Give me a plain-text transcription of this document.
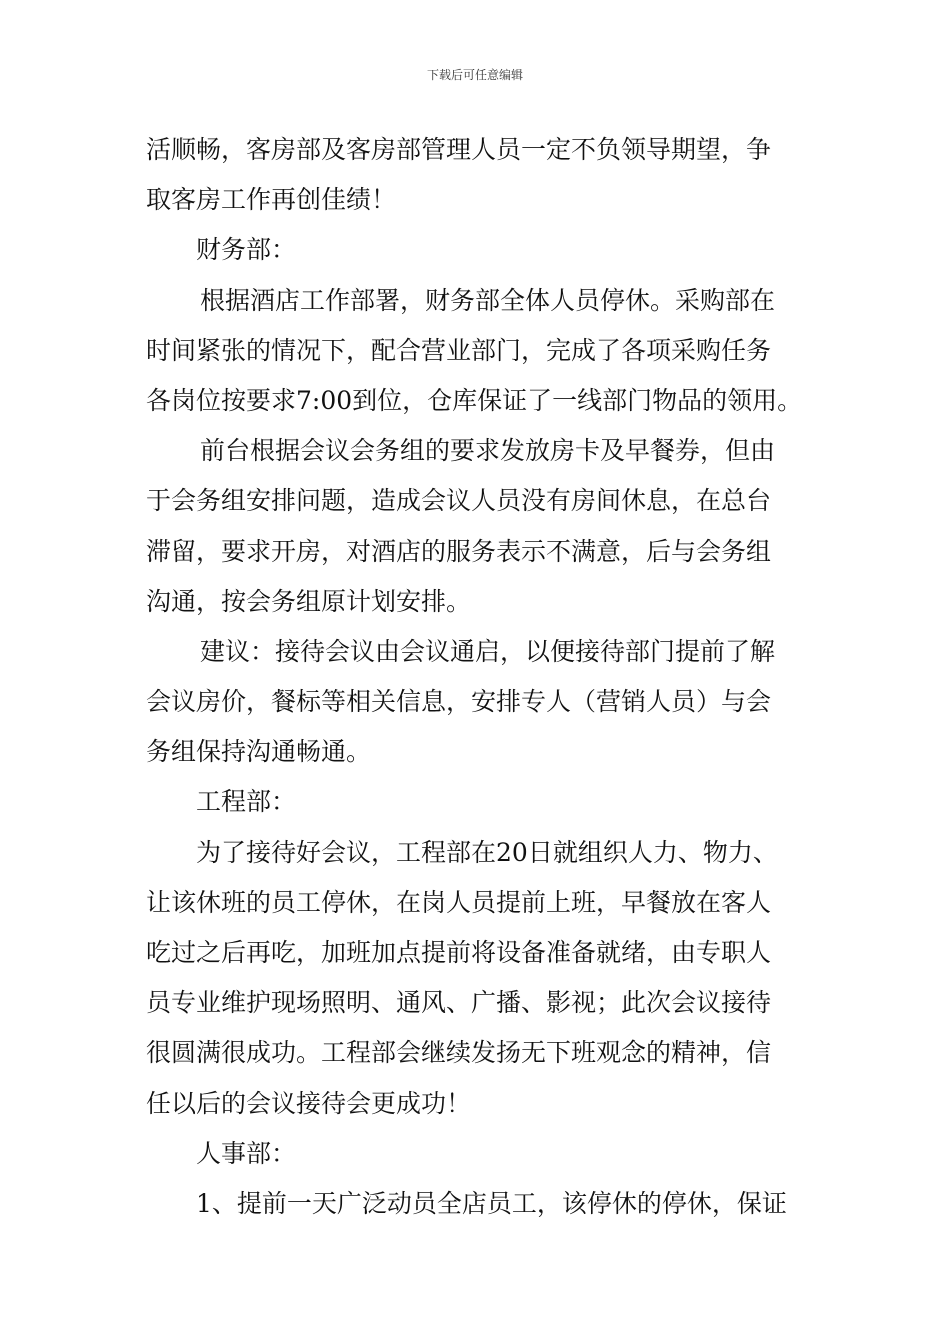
下载后可任意编辑
活顺畅，客房部及客房部管理人员一定不负领导期望，争
取客房工作再创佳绩！
财务部：
根据酒店工作部署，财务部全体人员停休。采购部在
时间紧张的情况下，配合营业部门，完成了各项采购任务
各岗位按要求7:00到位，仓库保证了一线部门物品的领用。
前台根据会议会务组的要求发放房卡及早餐券，但由
于会务组安排问题，造成会议人员没有房间休息，在总台
滞留，要求开房，对酒店的服务表示不满意，后与会务组
沟通，按会务组原计划安排。
建议：接待会议由会议通启，以便接待部门提前了解
会议房价，餐标等相关信息，安排专人（营销人员）与会
务组保持沟通畅通。
工程部：
为了接待好会议，工程部在20日就组织人力、物力、
让该休班的员工停休，在岗人员提前上班，早餐放在客人
吃过之后再吃，加班加点提前将设备准备就绪，由专职人
员专业维护现场照明、通风、广播、影视；此次会议接待
很圆满很成功。工程部会继续发扬无下班观念的精神，信
任以后的会议接待会更成功！
人事部：
1、提前一天广泛动员全店员工，该停休的停休，保证
